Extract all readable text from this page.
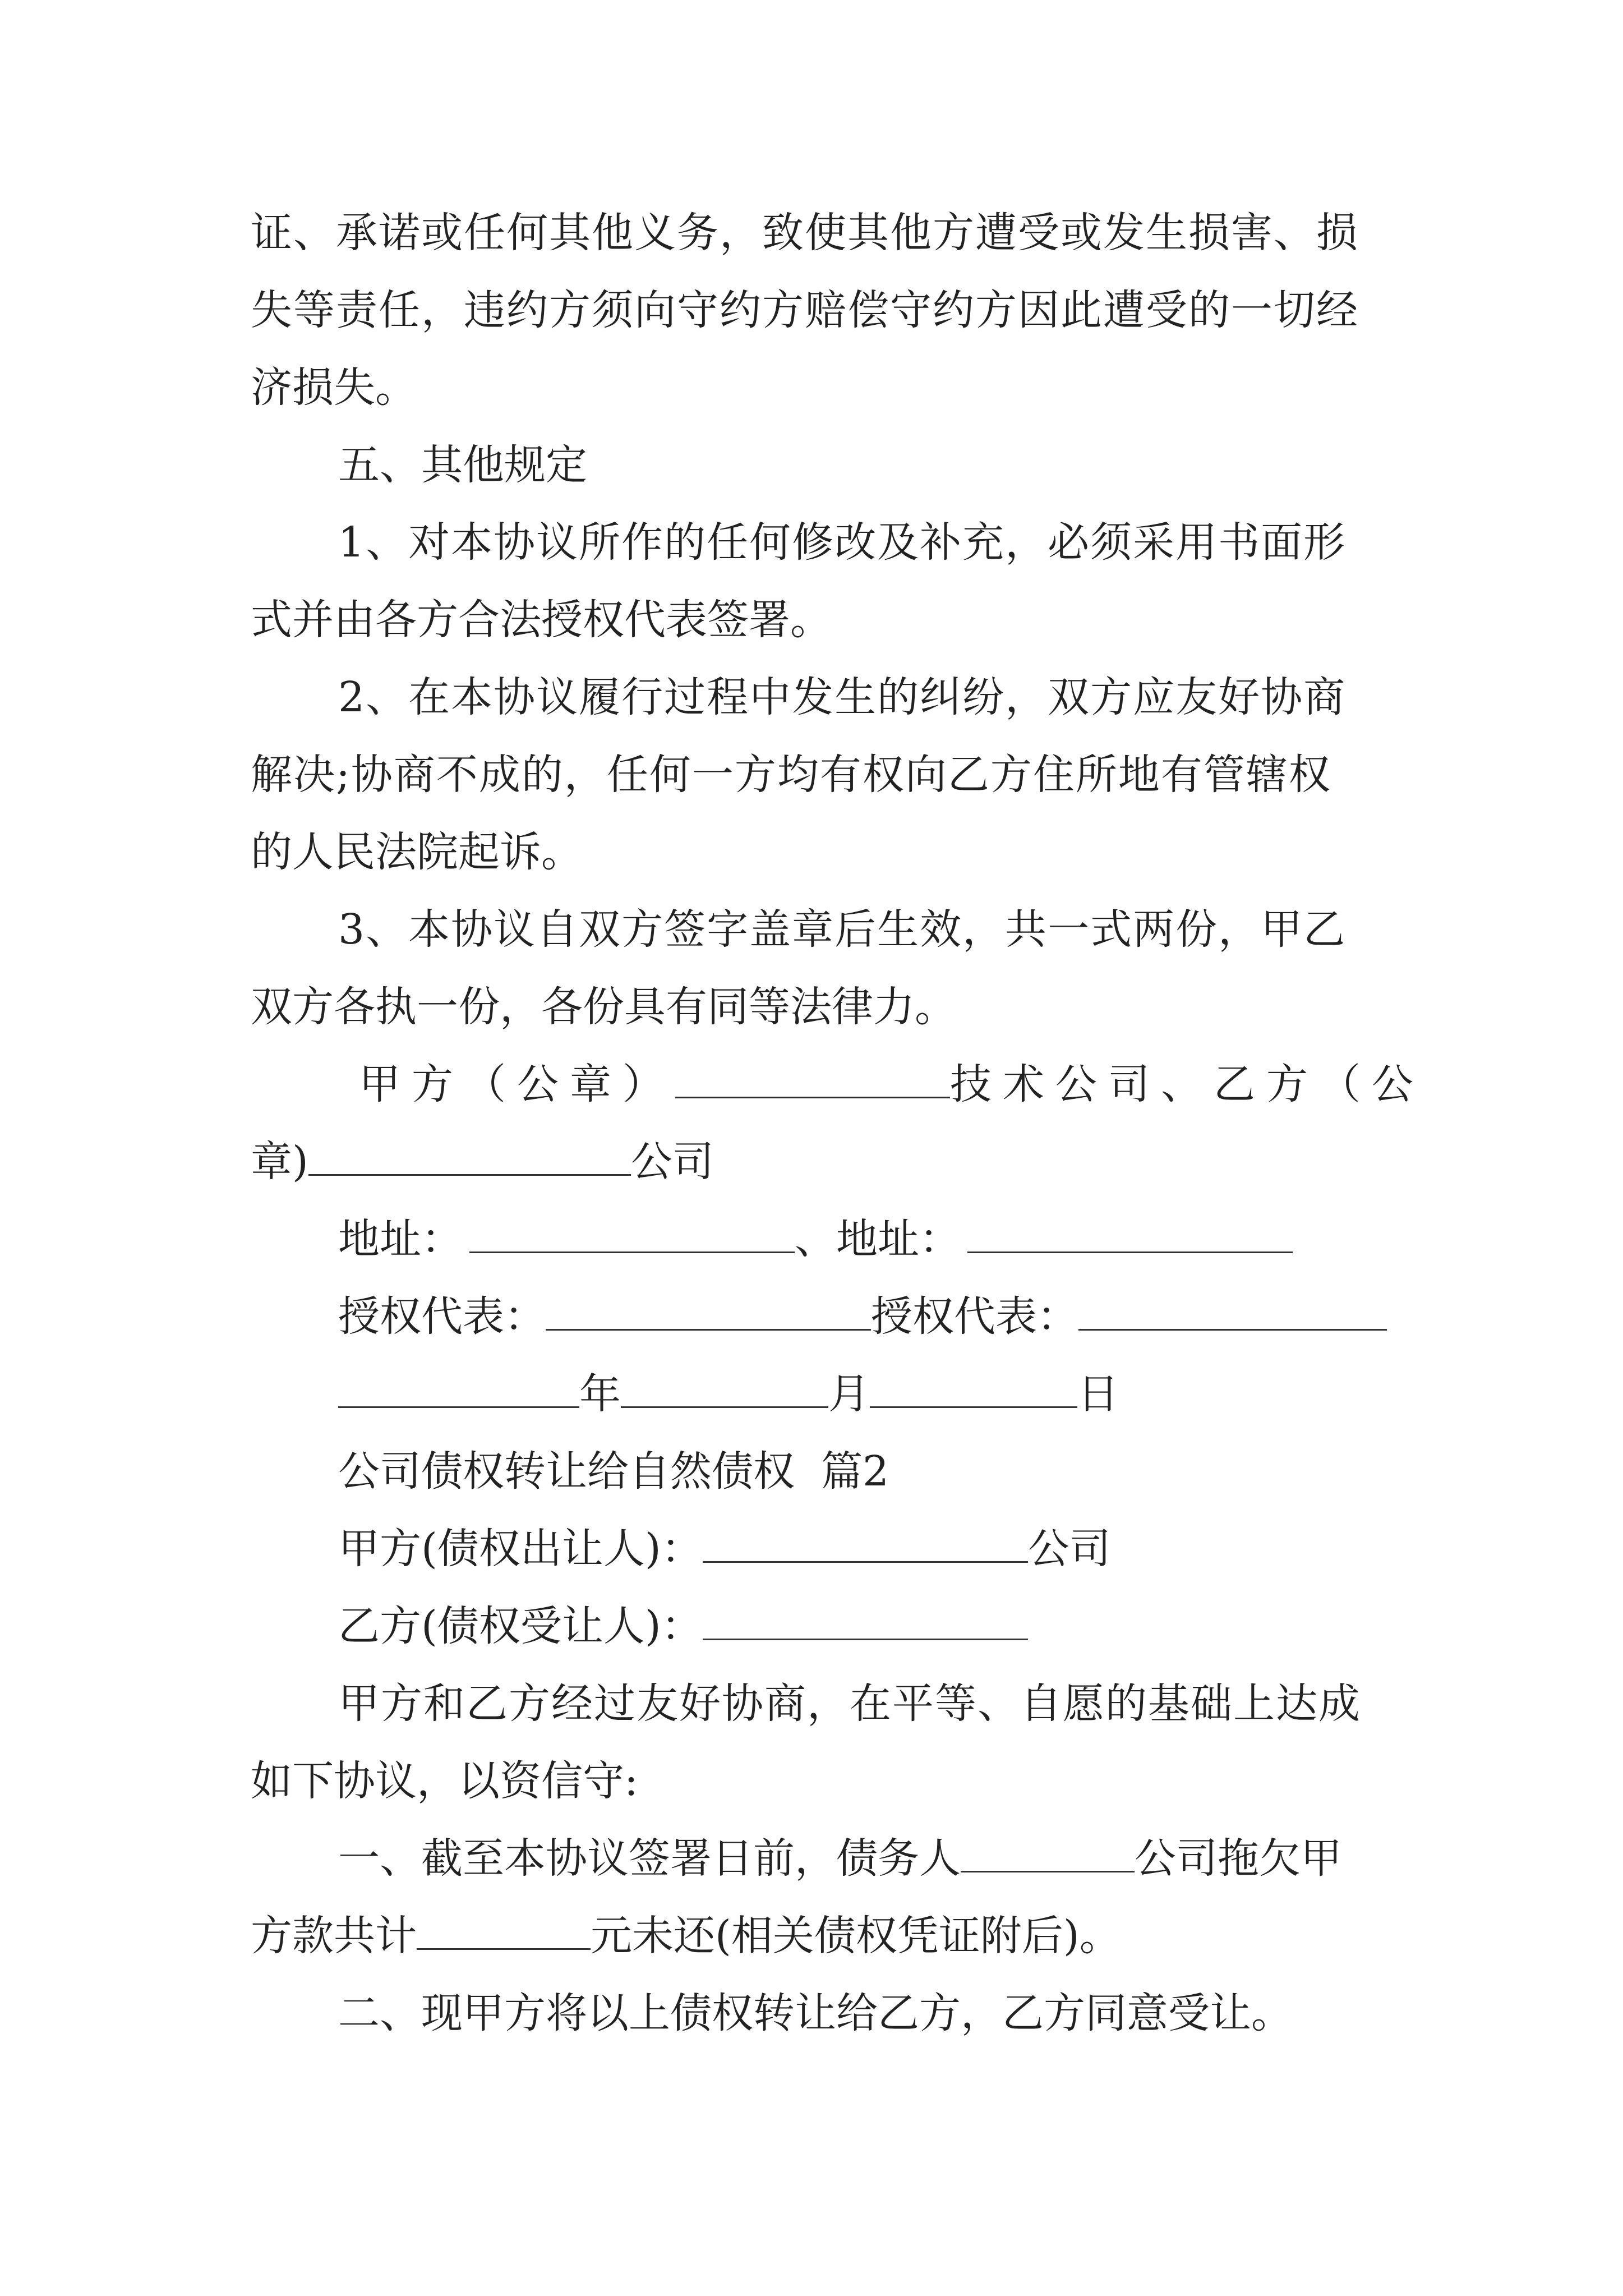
证、承诺或任何其他义务，致使其他方遭受或发生损害、损

失等责任，违约方须向守约方赔偿守约方因此遭受的一切经

济损失。

五、其他规定

1、对本协议所作的任何修改及补充，必须采用书面形

式并由各方合法授权代表签署。

2、在本协议履行过程中发生的纠纷，双方应友好协商

解决;协商不成的，任何一方均有权向乙方住所地有管辖权

的人民法院起诉。

3、本协议自双方签字盖章后生效，共一式两份，甲乙

双方各执一份，各份具有同等法律力。

甲方（公章）	技术公司、乙方（公

章)	公司

地址：	、地址：

授权代表：	授权代表：

年	月	日

公司债权转让给自然债权  篇2

甲方(债权出让人)：	公司

乙方(债权受让人)：

甲方和乙方经过友好协商，在平等、自愿的基础上达成

如下协议，以资信守:

一、截至本协议签署日前，债务人	公司拖欠甲

方款共计	元未还(相关债权凭证附后)。

二、现甲方将以上债权转让给乙方，乙方同意受让。
